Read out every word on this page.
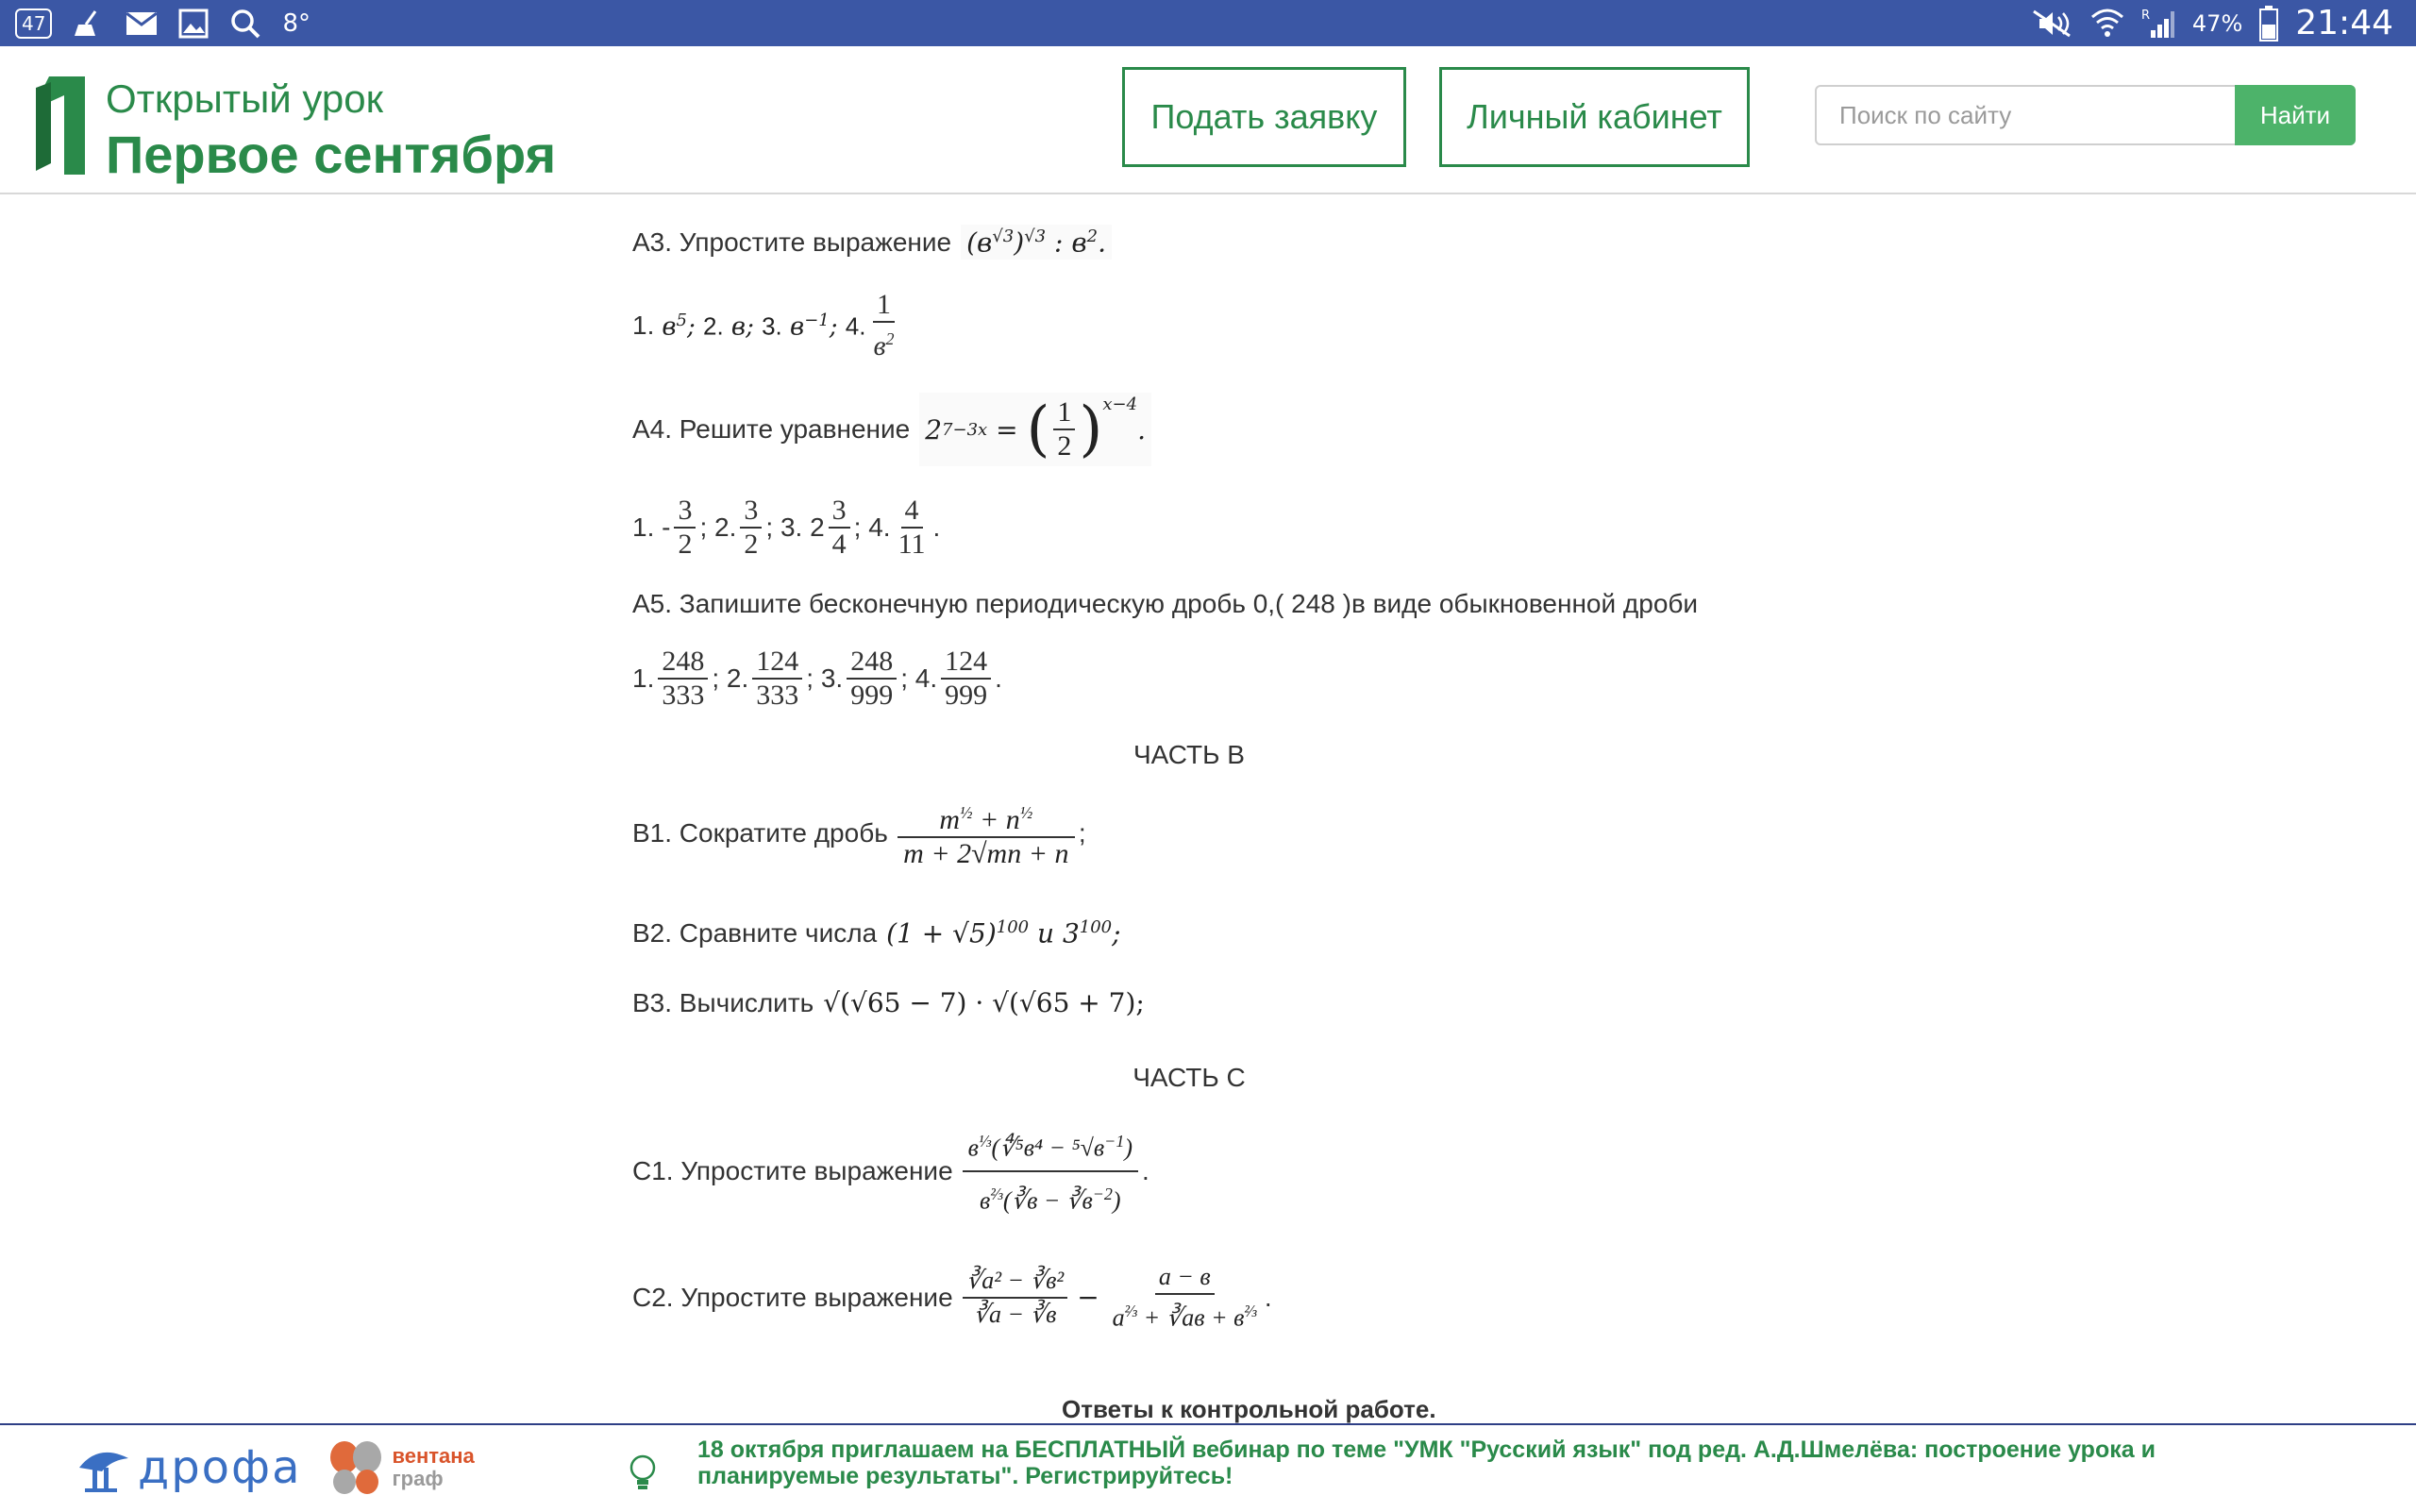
47	8°	R 47% 21:44
Открытый урок
Первое сентября
Подать заявку	Личный кабинет
Поиск по сайту	Найти
А3. Упростите выражение $(в^{√3})^{√3}$ : $в^2$.
1. $в^5$; 2. в; 3. $в^{-1}$; 4.
1
$в^2$
А4. Решите уравнение 2 7−3x = ( 1
2 ) x−4
.
1. -
3
2
; 2.
3
2
; 3. 2
3
4
; 4.
4
11
.
А5. Запишите бесконечную периодическую дробь 0,( 248 )в виде обыкновенной дроби
1.
248
333
; 2.
124
333
; 3.
248
999
; 4.
124
999
.
ЧАСТЬ В
В1. Сократите дробь	$m^{\frac{1}{2}} + n^{\frac{1}{2}}$
m + 2√mn + n
;
В2. Сравните числа $(1 + √5)^{100}$ и $3^{100}$;
В3. Вычислить √(√65 − 7) · √(√65 + 7);
ЧАСТЬ С
С1. Упростите выражение
$в^{\frac{1}{3}}(∜^5в^4 - ^5√в^{-1})$
$в^{\frac{2}{3}}(∛в$ − $∛в^{-2}$)
.
С2. Упростите выражение
∛a² − ∛в²
∛a − ∛в
−
a − в
$a^{\frac{2}{3}}$ + ∛aв + $в^{\frac{2}{3}}$ .
Ответы к контрольной работе.
дрофа	вентана
граф
18 октября приглашаем на БЕСПЛАТНЫЙ вебинар по теме "УМК "Русский язык" под ред. А.Д.Шмелёва: построение урока и планируемые результаты". Регистрируйтесь!
